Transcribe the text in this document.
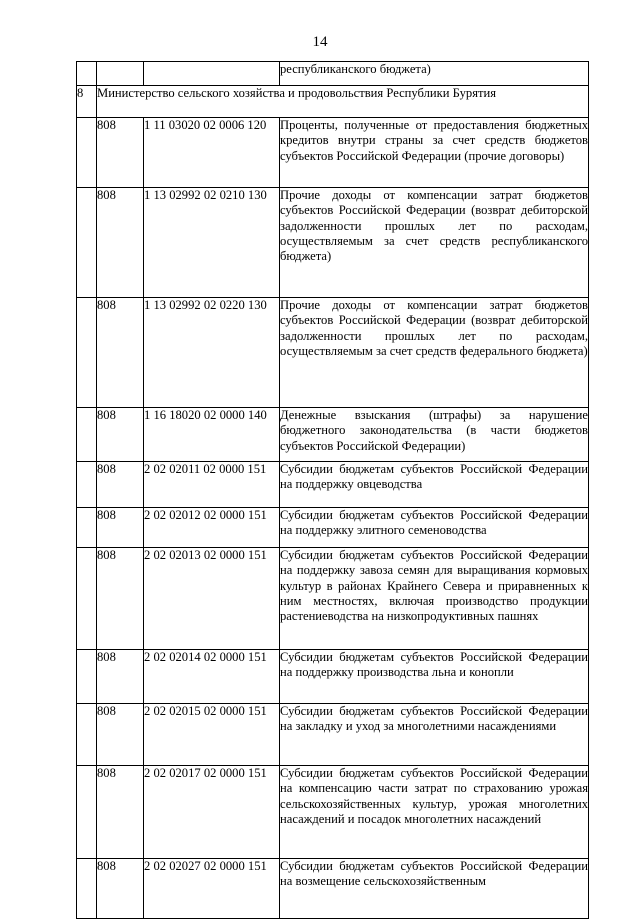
14
			республиканского бюджета)
8	Министерство сельского хозяйства и продовольствия Республики Бурятия		
	808	1 11 03020 02 0006 120	Проценты, полученные от предоставления бюджетных кредитов внутри страны за счет средств бюджетов субъектов Российской Федерации (прочие договоры)
	808	1 13 02992 02 0210 130	Прочие доходы от компенсации затрат бюджетов субъектов Российской Федерации (возврат дебиторской задолженности прошлых лет по расходам, осуществляемым за счет средств республиканского бюджета)
	808	1 13 02992 02 0220 130	Прочие доходы от компенсации затрат бюджетов субъектов Российской Федерации (возврат дебиторской задолженности прошлых лет по расходам, осуществляемым за счет средств федерального бюджета)
	808	1 16 18020 02 0000 140	Денежные взыскания (штрафы) за нарушение бюджетного законодательства (в части бюджетов субъектов Российской Федерации)
	808	2 02 02011 02 0000 151	Субсидии бюджетам субъектов Российской Федерации на поддержку овцеводства
	808	2 02 02012 02 0000 151	Субсидии бюджетам субъектов Российской Федерации на поддержку элитного семеноводства
	808	2 02 02013 02 0000 151	Субсидии бюджетам субъектов Российской Федерации на поддержку завоза семян для выращивания кормовых культур в районах Крайнего Севера и приравненных к ним местностях, включая производство продукции растениеводства на низкопродуктивных пашнях
	808	2 02 02014 02 0000 151	Субсидии бюджетам субъектов Российской Федерации на поддержку производства льна и конопли
	808	2 02 02015 02 0000 151	Субсидии бюджетам субъектов Российской Федерации на закладку и уход за многолетними насаждениями
	808	2 02 02017 02 0000 151	Субсидии бюджетам субъектов Российской Федерации на компенсацию части затрат по страхованию урожая сельскохозяйственных культур, урожая многолетних насаждений и посадок многолетних насаждений
	808	2 02 02027 02 0000 151	Субсидии бюджетам субъектов Российской Федерации на возмещение сельскохозяйственным
